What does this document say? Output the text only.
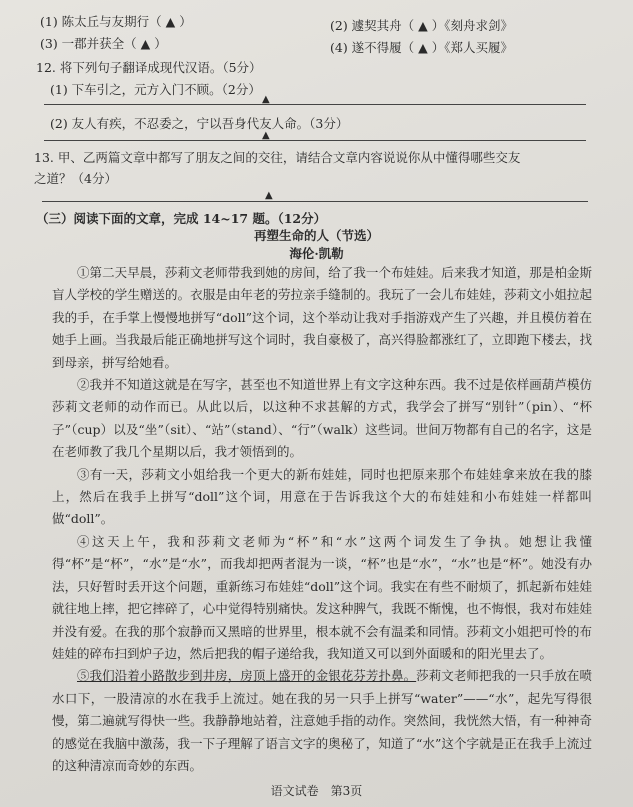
(1) 陈太丘与友期行（ ▲ ）	(2) 遽契其舟（ ▲ ）《刻舟求剑》
(3) 一郡并获全（ ▲ ）	(4) 遂不得履（ ▲ ）《郑人买履》
12. 将下列句子翻译成现代汉语。（5分）
(1) 下车引之，元方入门不顾。（2分）
▲
(2) 友人有疾，不忍委之，宁以吾身代友人命。（3分）
▲
13. 甲、乙两篇文章中都写了朋友之间的交往，请结合文章内容说说你从中懂得哪些交友
之道？（4分）
▲
（三）阅读下面的文章，完成 14~17 题。（12分）
再塑生命的人（节选）
海伦·凯勒

①第二天早晨，莎莉文老师带我到她的房间，给了我一个布娃娃。后来我才知道，那是柏金斯盲人学校的学生赠送的。衣服是由年老的劳拉亲手缝制的。我玩了一会儿布娃娃，莎莉文小姐拉起我的手，在手掌上慢慢地拼写“doll”这个词，这个举动让我对手指游戏产生了兴趣，并且模仿着在她手上画。当我最后能正确地拼写这个词时，我自豪极了，高兴得脸都涨红了，立即跑下楼去，找到母亲，拼写给她看。

②我并不知道这就是在写字，甚至也不知道世界上有文字这种东西。我不过是依样画葫芦模仿莎莉文老师的动作而已。从此以后，以这种不求甚解的方式，我学会了拼写“别针”（pin）、“杯子”（cup）以及“坐”（sit）、“站”（stand）、“行”（walk）这些词。世间万物都有自己的名字，这是在老师教了我几个星期以后，我才领悟到的。

③有一天，莎莉文小姐给我一个更大的新布娃娃，同时也把原来那个布娃娃拿来放在我的膝上，然后在我手上拼写“doll”这个词，用意在于告诉我这个大的布娃娃和小布娃娃一样都叫做“doll”。

④这天上午，我和莎莉文老师为“杯”和“水”这两个词发生了争执。她想让我懂得“杯”是“杯”，“水”是“水”，而我却把两者混为一谈，“杯”也是“水”，“水”也是“杯”。她没有办法，只好暂时丢开这个问题，重新练习布娃娃“doll”这个词。我实在有些不耐烦了，抓起新布娃娃就往地上摔，把它摔碎了，心中觉得特别痛快。发这种脾气，我既不惭愧，也不悔恨，我对布娃娃并没有爱。在我的那个寂静而又黑暗的世界里，根本就不会有温柔和同情。莎莉文小姐把可怜的布娃娃的碎布扫到炉子边，然后把我的帽子递给我，我知道又可以到外面暖和的阳光里去了。

⑤我们沿着小路散步到井房，房顶上盛开的金银花芬芳扑鼻。莎莉文老师把我的一只手放在喷水口下，一股清凉的水在我手上流过。她在我的另一只手上拼写“water”——“水”，起先写得很慢，第二遍就写得快一些。我静静地站着，注意她手指的动作。突然间，我恍然大悟，有一种神奇的感觉在我脑中激荡，我一下子理解了语言文字的奥秘了，知道了“水”这个字就是正在我手上流过的这种清凉而奇妙的东西。

语文试卷　第3页
